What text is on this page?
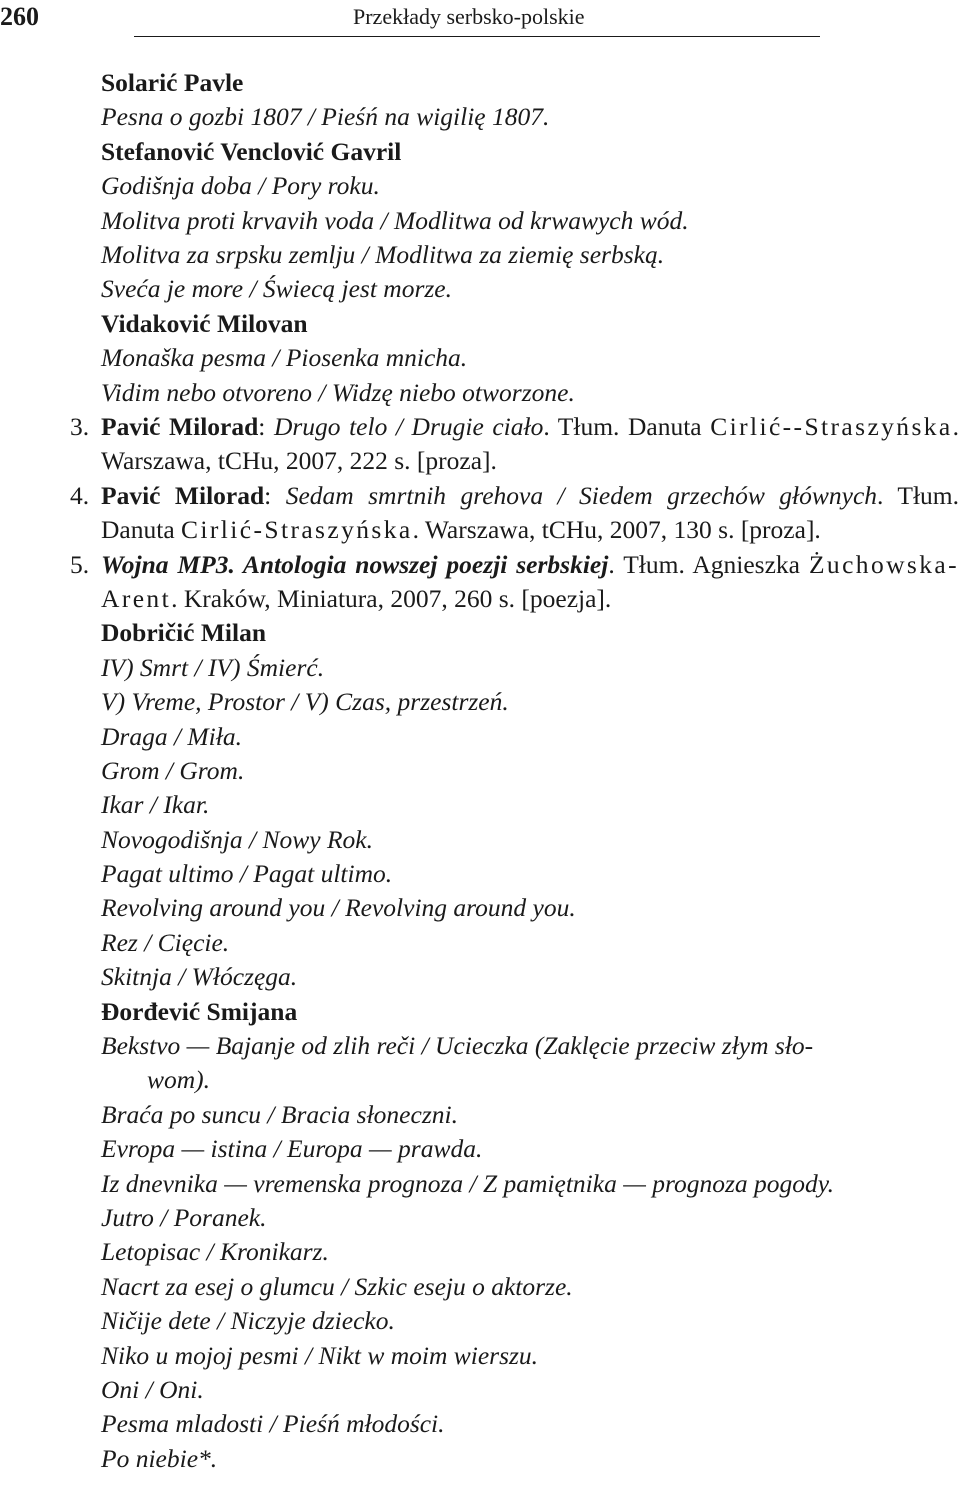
260	Przekłady serbsko-polskie
Solarić Pavle
Pesna o gozbi 1807 / Pieśń na wigilię 1807.
Stefanović Venclović Gavril
Godišnja doba / Pory roku.
Molitva proti krvavih voda / Modlitwa od krwawych wód.
Molitva za srpsku zemlju / Modlitwa za ziemię serbską.
Sveća je more / Świecą jest morze.
Vidaković Milovan
Monaška pesma / Piosenka mnicha.
Vidim nebo otvoreno / Widzę niebo otworzone.
3. Pavić Milorad: Drugo telo / Drugie ciało. Tłum. Danuta Cirlić--Straszyńska. Warszawa, tCHu, 2007, 222 s. [proza].
4. Pavić Milorad: Sedam smrtnih grehova / Siedem grzechów głównych. Tłum. Danuta Cirlić-Straszyńska. Warszawa, tCHu, 2007, 130 s. [proza].
5. Wojna MP3. Antologia nowszej poezji serbskiej. Tłum. Agnieszka Żuchowska-Arent. Kraków, Miniatura, 2007, 260 s. [poezja].
Dobričić Milan
IV) Smrt / IV) Śmierć.
V) Vreme, Prostor / V) Czas, przestrzeń.
Draga / Miła.
Grom / Grom.
Ikar / Ikar.
Novogodišnja / Nowy Rok.
Pagat ultimo / Pagat ultimo.
Revolving around you / Revolving around you.
Rez / Cięcie.
Skitnja / Włóczęga.
Đorđević Smijana
Bekstvo — Bajanje od zlih reči / Ucieczka (Zaklęcie przeciw złym sło-
wom).
Braća po suncu / Bracia słoneczni.
Evropa — istina / Europa — prawda.
Iz dnevnika — vremenska prognoza / Z pamiętnika — prognoza pogody.
Jutro / Poranek.
Letopisac / Kronikarz.
Nacrt za esej o glumcu / Szkic eseju o aktorze.
Ničije dete / Niczyje dziecko.
Niko u mojoj pesmi / Nikt w moim wierszu.
Oni / Oni.
Pesma mladosti / Pieśń młodości.
Po niebie*.
